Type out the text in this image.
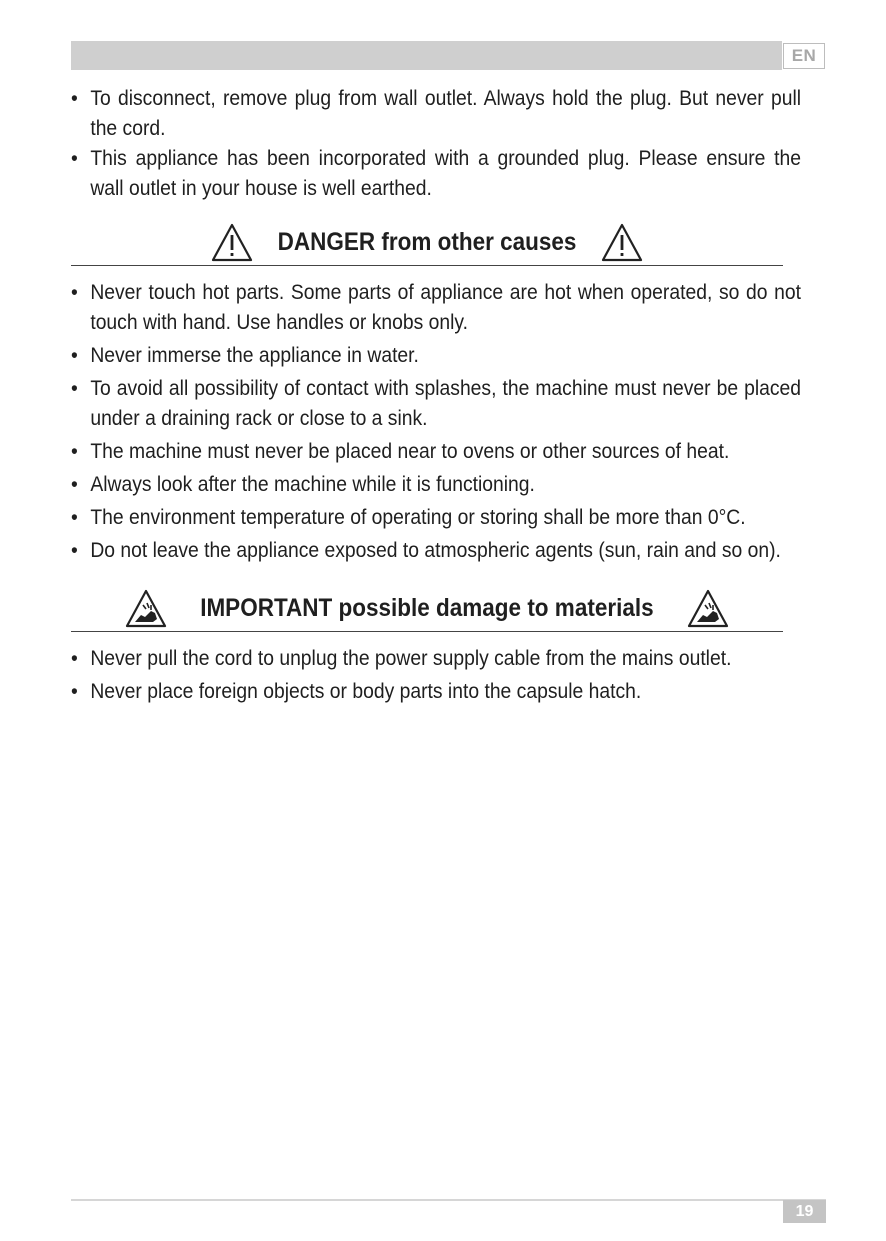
EN
• To disconnect, remove plug from wall outlet. Always hold the plug. But never pull the cord.
• This appliance has been incorporated with a grounded plug. Please ensure the wall outlet in your house is well earthed.
DANGER from other causes
• Never touch hot parts. Some parts of appliance are hot when operated, so do not touch with hand. Use handles or knobs only.
• Never immerse the appliance in water.
• To avoid all possibility of contact with splashes, the machine must never be placed under a draining rack or close to a sink.
• The machine must never be placed near to ovens or other sources of heat.
• Always look after the machine while it is functioning.
• The environment temperature of operating or storing shall be more than 0°C.
• Do not leave the appliance exposed to atmospheric agents (sun, rain and so on).
IMPORTANT possible damage to materials
• Never pull the cord to unplug the power supply cable from the mains outlet.
• Never place foreign objects or body parts into the capsule hatch.
19
